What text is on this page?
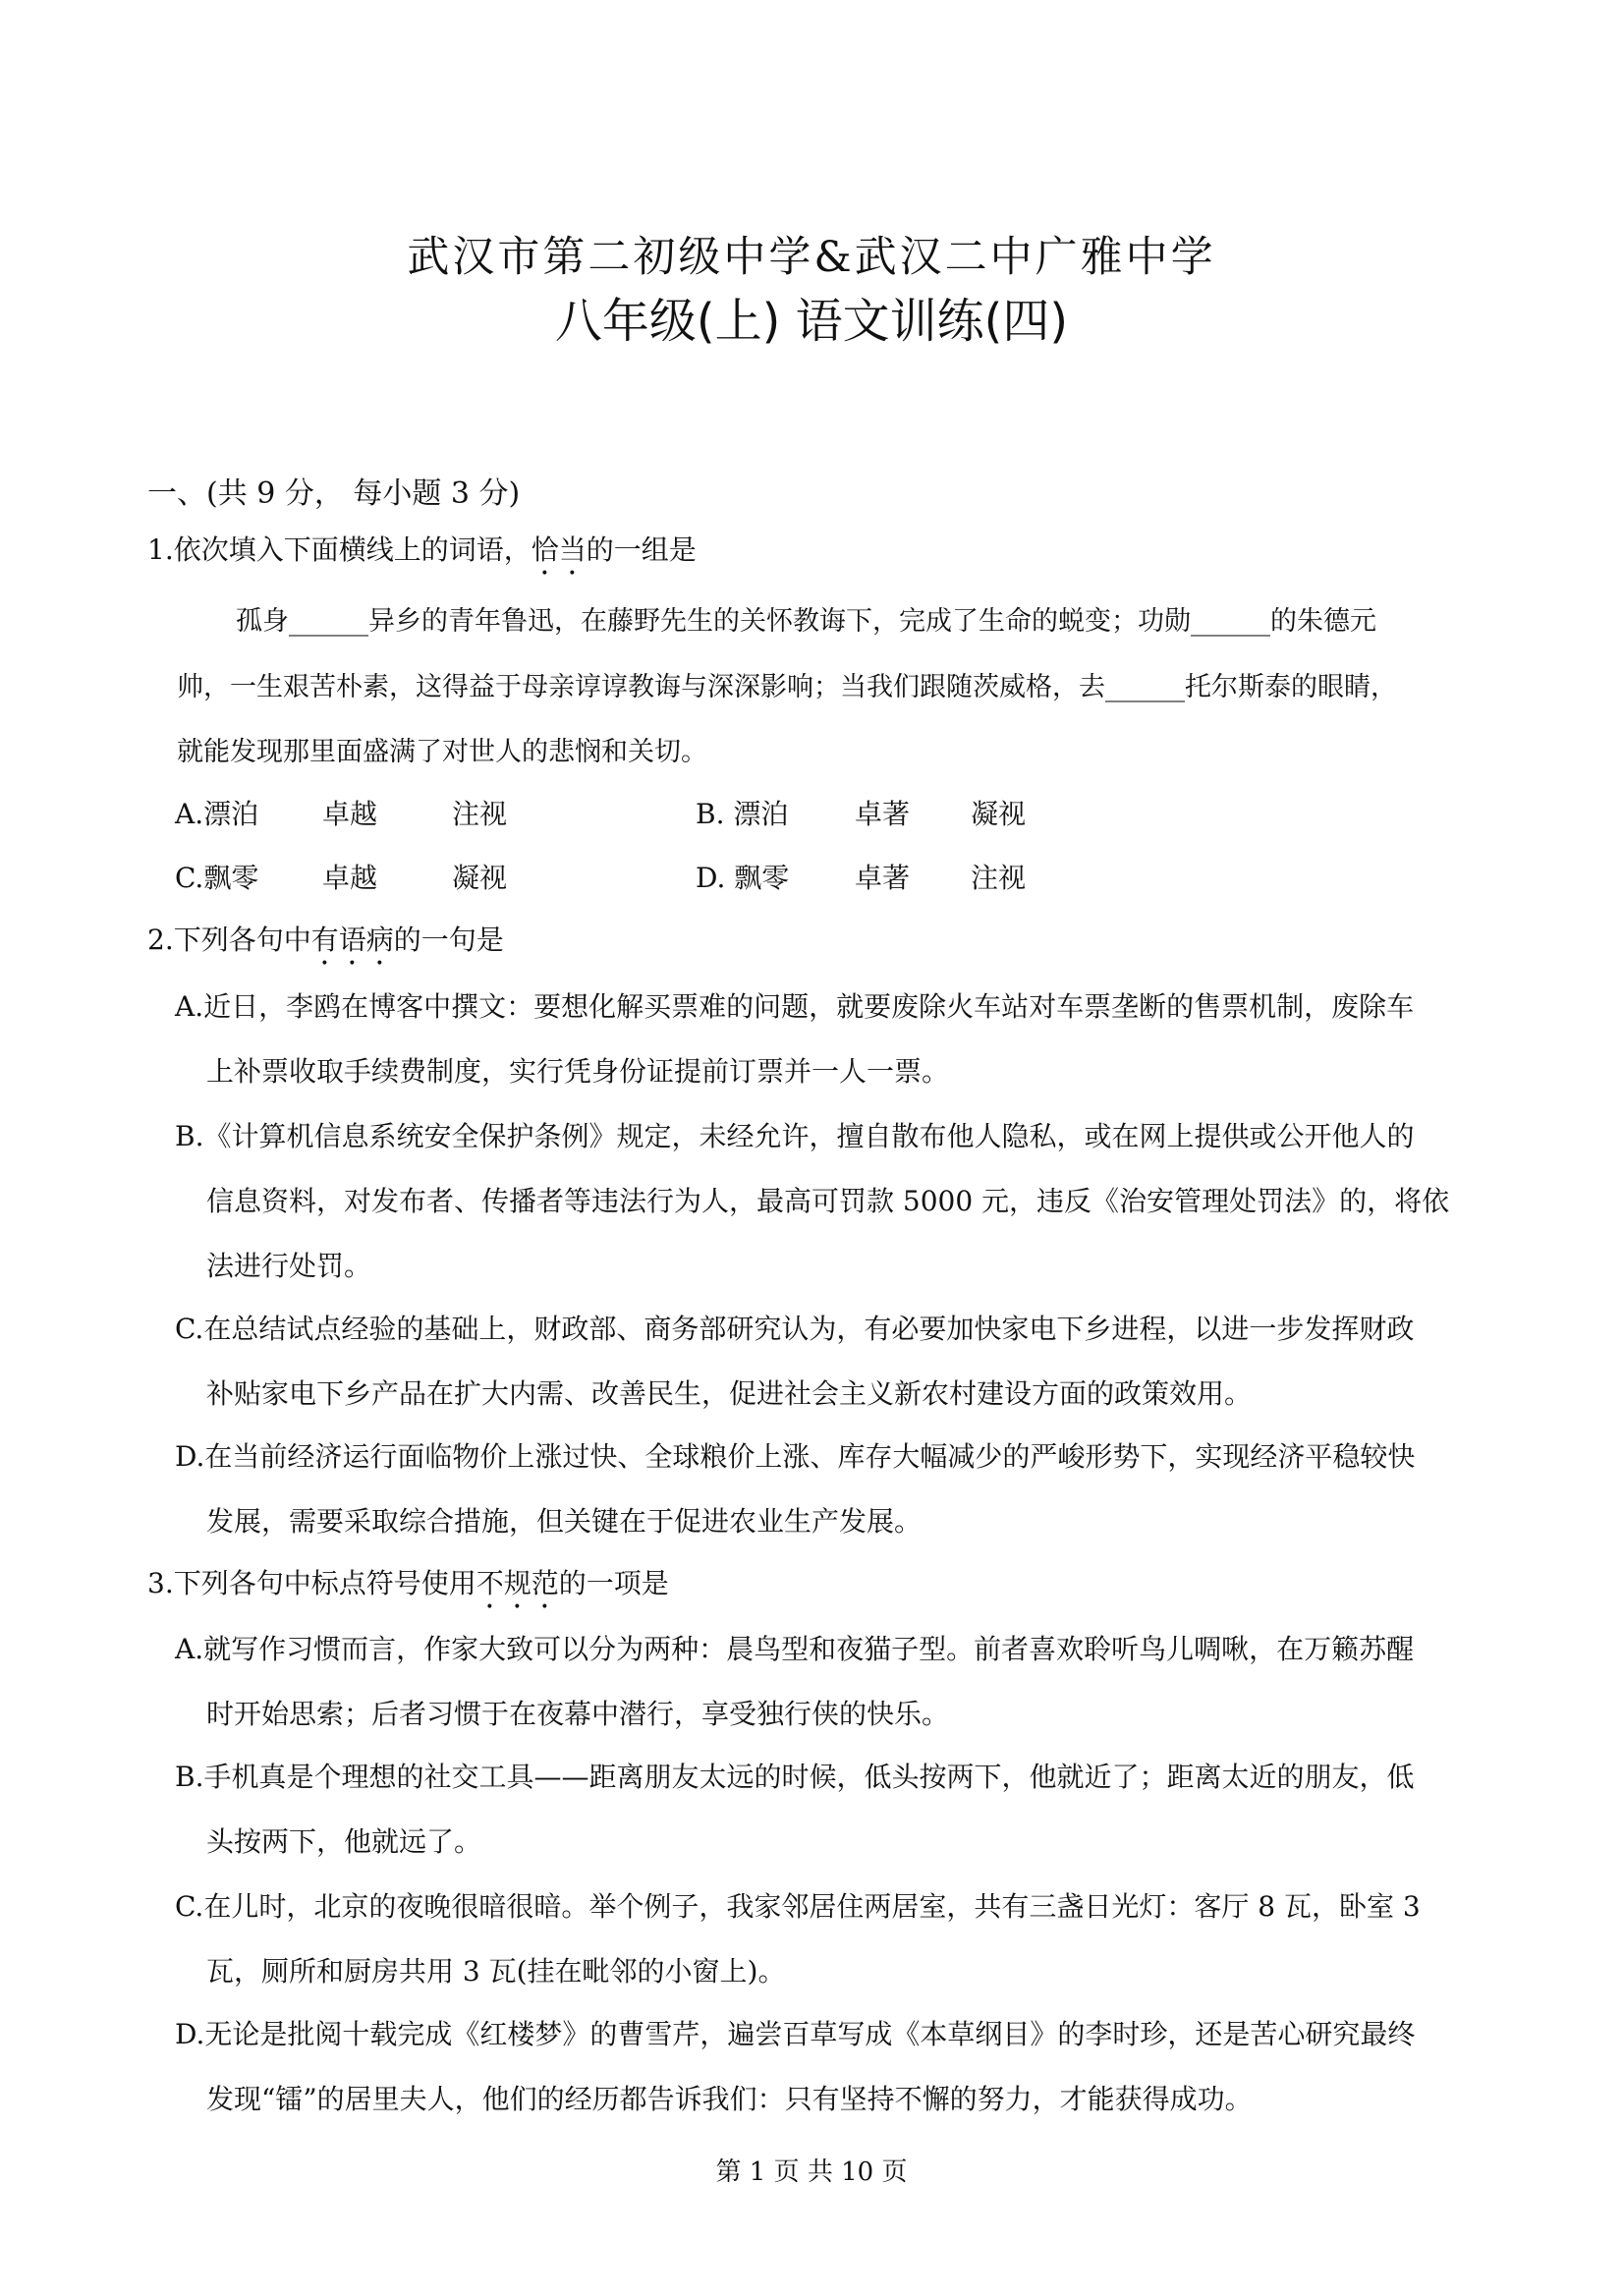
武汉市第二初级中学&武汉二中广雅中学
八年级(上) 语文训练(四)
一、(共 9 分， 每小题 3 分)
1.依次填入下面横线上的词语，恰当的一组是
孤身______异乡的青年鲁迅，在藤野先生的关怀教诲下，完成了生命的蜕变；功勋______的朱德元
帅，一生艰苦朴素，这得益于母亲谆谆教诲与深深影响；当我们跟随茨威格，去______托尔斯泰的眼睛，
就能发现那里面盛满了对世人的悲悯和关切。
A.漂泊 卓越	注视	B. 漂泊 卓著 凝视
C.飘零 卓越	凝视	D. 飘零 卓著 注视
2.下列各句中有语病的一句是
A.近日，李鸥在博客中撰文：要想化解买票难的问题，就要废除火车站对车票垄断的售票机制，废除车
上补票收取手续费制度，实行凭身份证提前订票并一人一票。
B.《计算机信息系统安全保护条例》规定，未经允许，擅自散布他人隐私，或在网上提供或公开他人的
信息资料，对发布者、传播者等违法行为人，最高可罚款 5000 元，违反《治安管理处罚法》的，将依
法进行处罚。
C.在总结试点经验的基础上，财政部、商务部研究认为，有必要加快家电下乡进程，以进一步发挥财政
补贴家电下乡产品在扩大内需、改善民生，促进社会主义新农村建设方面的政策效用。
D.在当前经济运行面临物价上涨过快、全球粮价上涨、库存大幅减少的严峻形势下，实现经济平稳较快
发展，需要采取综合措施，但关键在于促进农业生产发展。
3.下列各句中标点符号使用不规范的一项是
A.就写作习惯而言，作家大致可以分为两种：晨鸟型和夜猫子型。前者喜欢聆听鸟儿啁啾，在万籁苏醒
时开始思索；后者习惯于在夜幕中潜行，享受独行侠的快乐。
B.手机真是个理想的社交工具——距离朋友太远的时候，低头按两下，他就近了；距离太近的朋友，低
头按两下，他就远了。
C.在儿时，北京的夜晚很暗很暗。举个例子，我家邻居住两居室，共有三盏日光灯：客厅 8 瓦，卧室 3
瓦，厕所和厨房共用 3 瓦(挂在毗邻的小窗上)。
D.无论是批阅十载完成《红楼梦》的曹雪芹，遍尝百草写成《本草纲目》的李时珍，还是苦心研究最终
发现“镭”的居里夫人，他们的经历都告诉我们：只有坚持不懈的努力，才能获得成功。
第 1 页 共 10 页
